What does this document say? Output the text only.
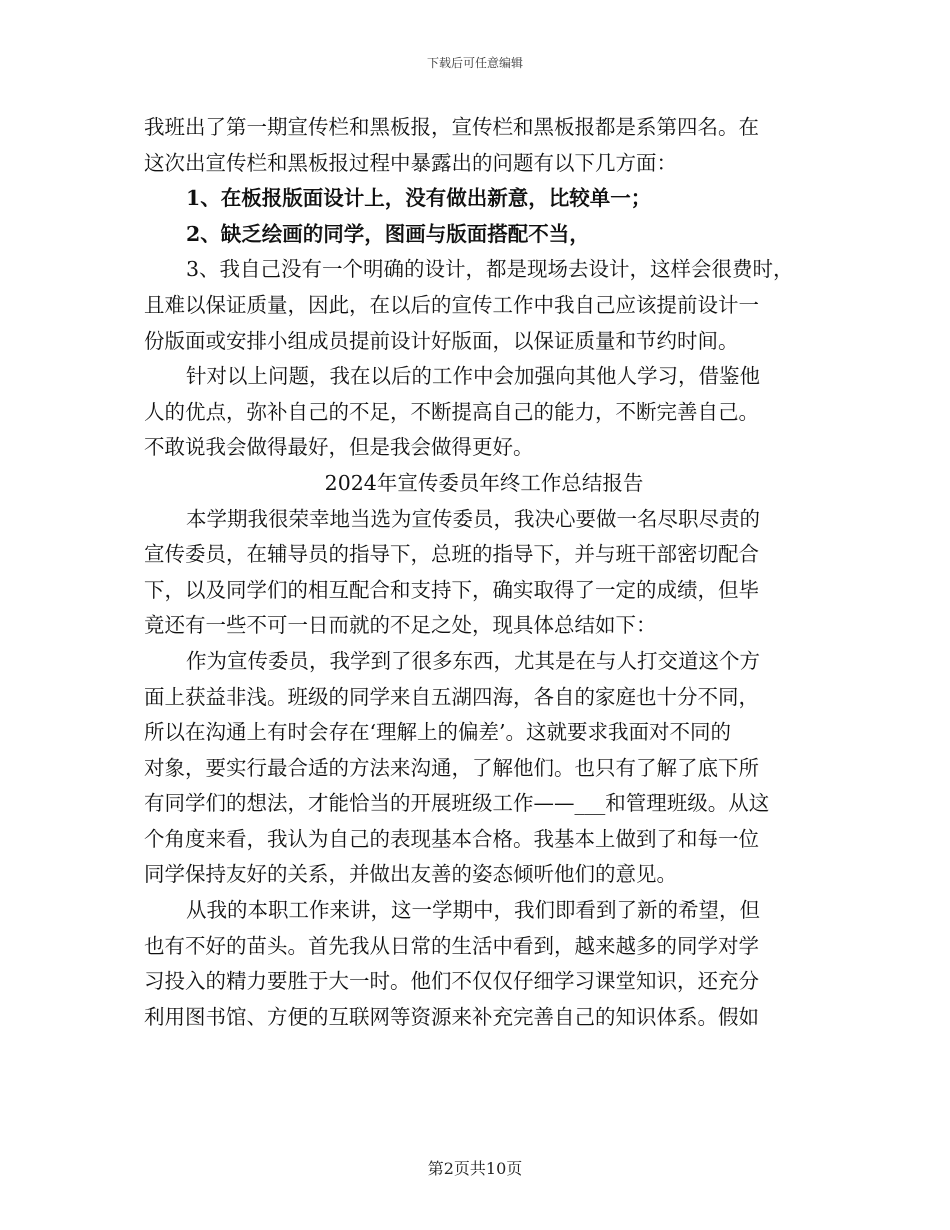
下载后可任意编辑
我班出了第一期宣传栏和黑板报，宣传栏和黑板报都是系第四名。在
这次出宣传栏和黑板报过程中暴露出的问题有以下几方面：
1、在板报版面设计上，没有做出新意，比较单一；
2、缺乏绘画的同学，图画与版面搭配不当，
3、我自己没有一个明确的设计，都是现场去设计，这样会很费时，
且难以保证质量，因此，在以后的宣传工作中我自己应该提前设计一
份版面或安排小组成员提前设计好版面，以保证质量和节约时间。
针对以上问题，我在以后的工作中会加强向其他人学习，借鉴他
人的优点，弥补自己的不足，不断提高自己的能力，不断完善自己。
不敢说我会做得最好，但是我会做得更好。
2024年宣传委员年终工作总结报告
本学期我很荣幸地当选为宣传委员，我决心要做一名尽职尽责的
宣传委员，在辅导员的指导下，总班的指导下，并与班干部密切配合
下，以及同学们的相互配合和支持下，确实取得了一定的成绩，但毕
竟还有一些不可一日而就的不足之处，现具体总结如下：
作为宣传委员，我学到了很多东西，尤其是在与人打交道这个方
面上获益非浅。班级的同学来自五湖四海，各自的家庭也十分不同，
所以在沟通上有时会存在‘理解上的偏差’。这就要求我面对不同的
对象，要实行最合适的方法来沟通，了解他们。也只有了解了底下所
有同学们的想法，才能恰当的开展班级工作——___和管理班级。从这
个角度来看，我认为自己的表现基本合格。我基本上做到了和每一位
同学保持友好的关系，并做出友善的姿态倾听他们的意见。
从我的本职工作来讲，这一学期中，我们即看到了新的希望，但
也有不好的苗头。首先我从日常的生活中看到，越来越多的同学对学
习投入的精力要胜于大一时。他们不仅仅仔细学习课堂知识，还充分
利用图书馆、方便的互联网等资源来补充完善自己的知识体系。假如
第2页共10页
